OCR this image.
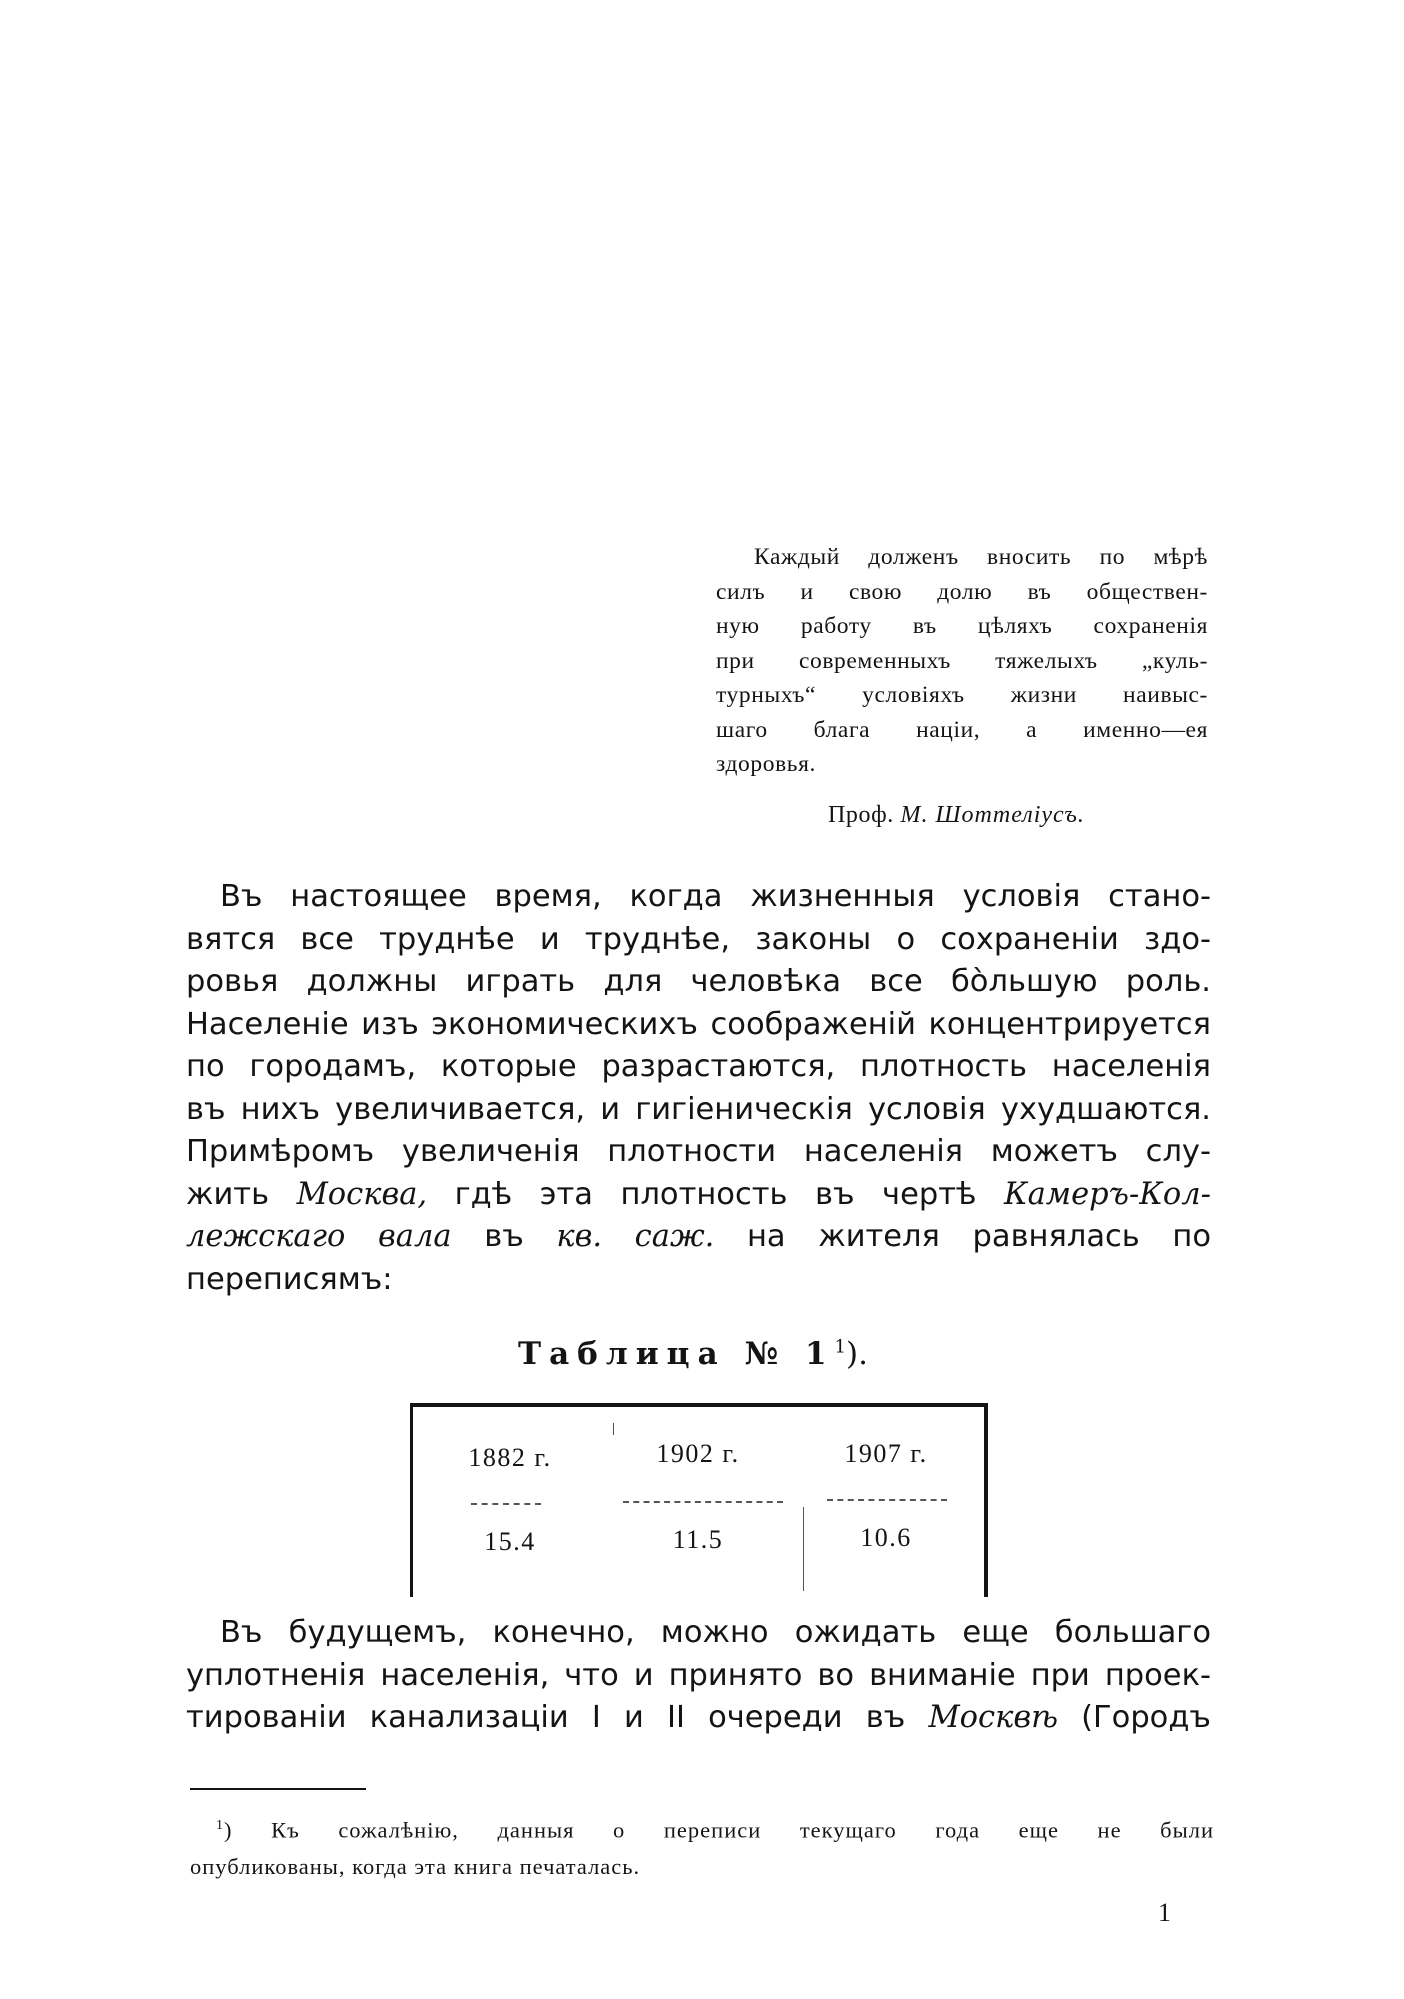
Каждый долженъ вносить по мѣрѣ
силъ и свою долю въ обществен-
ную работу въ цѣляхъ сохраненія
при современныхъ тяжелыхъ „куль-
турныхъ“ условіяхъ жизни наивыс-
шаго блага націи, а именно—ея
здоровья.
Проф. М. Шоттеліусъ.
Въ настоящее время, когда жизненныя условія стано-
вятся все труднѣе и труднѣе, законы о сохраненіи здо-
ровья должны играть для человѣка все бо̀льшую роль.
Населеніе изъ экономическихъ соображеній концентрируется
по городамъ, которые разрастаются, плотность населенія
въ нихъ увеличивается, и гигіеническія условія ухудшаются.
Примѣромъ увеличенія плотности населенія можетъ слу-
жить Москва, гдѣ эта плотность въ чертѣ Камеръ-Кол-
лежскаго вала въ кв. саж. на жителя равнялась по
переписямъ:
Таблица № $1^1$).
1882 г.	1902 г.	1907 г.
15.4	11.5	10.6
Въ будущемъ, конечно, можно ожидать еще большаго
уплотненія населенія, что и принято во вниманіе при проек-
тированіи канализаціи I и II очереди въ Москвѣ (Городъ
$^1$) Къ сожалѣнію, данныя о переписи текущаго года еще не были
опубликованы, когда эта книга печаталась.
1
